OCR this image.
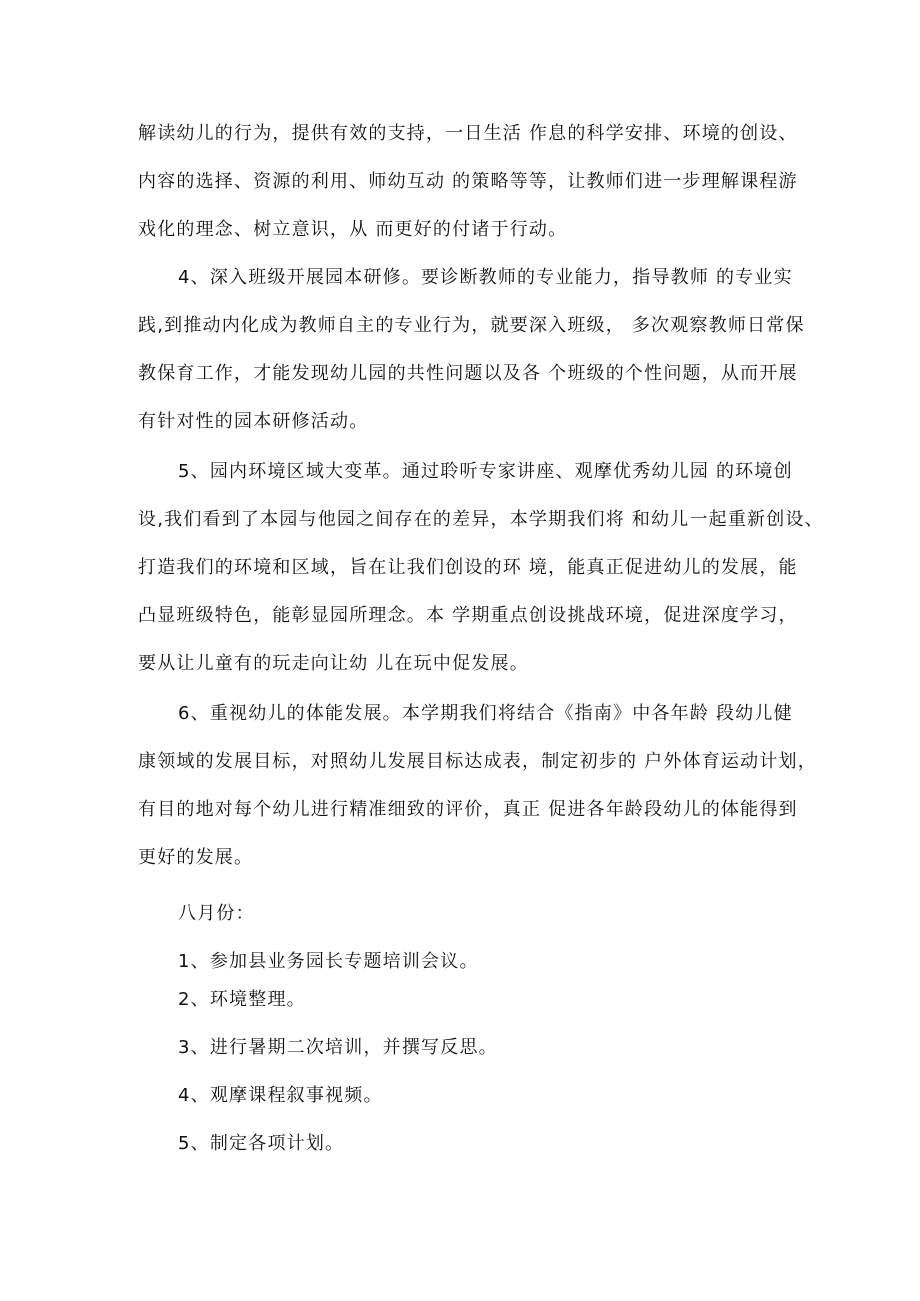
解读幼儿的行为，提供有效的支持，一日生活 作息的科学安排、环境的创设、
内容的选择、资源的利用、师幼互动 的策略等等，让教师们进一步理解课程游
戏化的理念、树立意识，从 而更好的付诸于行动。
4、深入班级开展园本研修。要诊断教师的专业能力，指导教师 的专业实
践,到推动内化成为教师自主的专业行为，就要深入班级， 多次观察教师日常保
教保育工作，才能发现幼儿园的共性问题以及各 个班级的个性问题，从而开展
有针对性的园本研修活动。
5、园内环境区域大变革。通过聆听专家讲座、观摩优秀幼儿园 的环境创
设,我们看到了本园与他园之间存在的差异，本学期我们将 和幼儿一起重新创设、
打造我们的环境和区域，旨在让我们创设的环 境，能真正促进幼儿的发展，能
凸显班级特色，能彰显园所理念。本 学期重点创设挑战环境，促进深度学习，
要从让儿童有的玩走向让幼 儿在玩中促发展。
6、重视幼儿的体能发展。本学期我们将结合《指南》中各年龄 段幼儿健
康领域的发展目标，对照幼儿发展目标达成表，制定初步的 户外体育运动计划，
有目的地对每个幼儿进行精准细致的评价，真正 促进各年龄段幼儿的体能得到
更好的发展。
八月份：
1、参加县业务园长专题培训会议。
2、环境整理。
3、进行暑期二次培训，并撰写反思。
4、观摩课程叙事视频。
5、制定各项计划。
